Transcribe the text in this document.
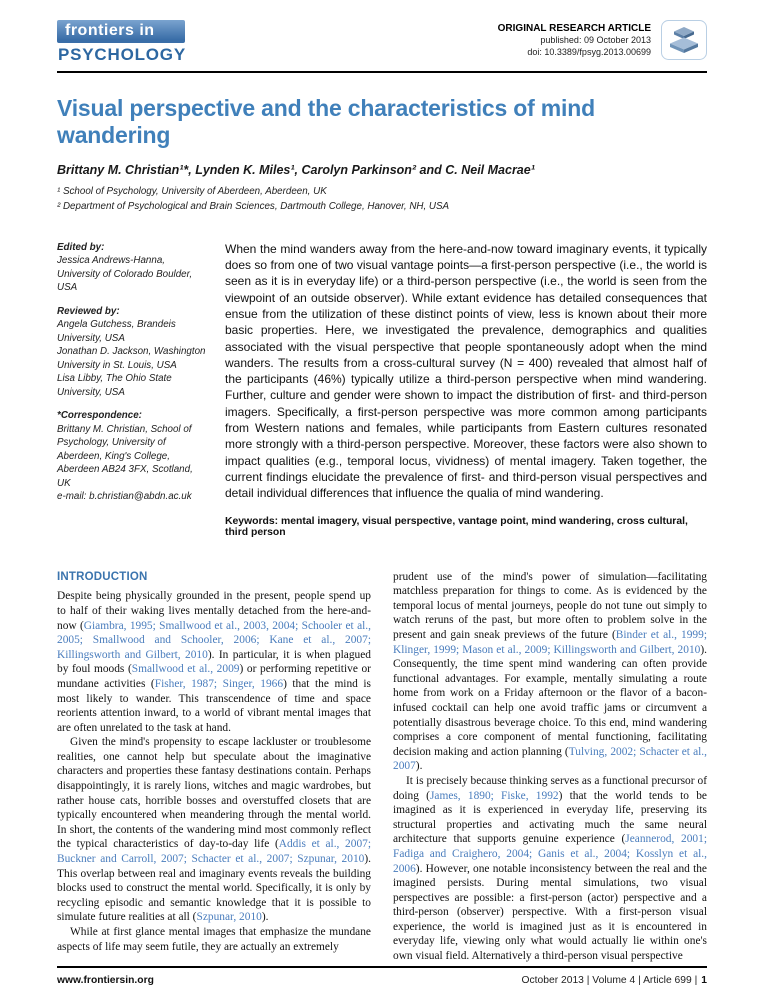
frontiers in
PSYCHOLOGY
ORIGINAL RESEARCH ARTICLE
published: 09 October 2013
doi: 10.3389/fpsyg.2013.00699
Visual perspective and the characteristics of mind wandering
Brittany M. Christian¹*, Lynden K. Miles¹, Carolyn Parkinson² and C. Neil Macrae¹
¹ School of Psychology, University of Aberdeen, Aberdeen, UK
² Department of Psychological and Brain Sciences, Dartmouth College, Hanover, NH, USA
Edited by:
Jessica Andrews-Hanna, University of Colorado Boulder, USA
Reviewed by:
Angela Gutchess, Brandeis University, USA
Jonathan D. Jackson, Washington University in St. Louis, USA
Lisa Libby, The Ohio State University, USA
*Correspondence:
Brittany M. Christian, School of Psychology, University of Aberdeen, King's College, Aberdeen AB24 3FX, Scotland, UK
e-mail: b.christian@abdn.ac.uk

When the mind wanders away from the here-and-now toward imaginary events, it typically does so from one of two visual vantage points—a first-person perspective (i.e., the world is seen as it is in everyday life) or a third-person perspective (i.e., the world is seen from the viewpoint of an outside observer). While extant evidence has detailed consequences that ensue from the utilization of these distinct points of view, less is known about their more basic properties. Here, we investigated the prevalence, demographics and qualities associated with the visual perspective that people spontaneously adopt when the mind wanders. The results from a cross-cultural survey (N = 400) revealed that almost half of the participants (46%) typically utilize a third-person perspective when mind wandering. Further, culture and gender were shown to impact the distribution of first- and third-person imagers. Specifically, a first-person perspective was more common among participants from Western nations and females, while participants from Eastern cultures resonated more strongly with a third-person perspective. Moreover, these factors were also shown to impact qualities (e.g., temporal locus, vividness) of mental imagery. Taken together, the current findings elucidate the prevalence of first- and third-person visual perspectives and detail individual differences that influence the qualia of mind wandering.

Keywords: mental imagery, visual perspective, vantage point, mind wandering, cross cultural, third person

INTRODUCTION

Despite being physically grounded in the present, people spend up to half of their waking lives mentally detached from the here-and-now (Giambra, 1995; Smallwood et al., 2003, 2004; Schooler et al., 2005; Smallwood and Schooler, 2006; Kane et al., 2007; Killingsworth and Gilbert, 2010). In particular, it is when plagued by foul moods (Smallwood et al., 2009) or performing repetitive or mundane activities (Fisher, 1987; Singer, 1966) that the mind is most likely to wander. This transcendence of time and space reorients attention inward, to a world of vibrant mental images that are often unrelated to the task at hand.

Given the mind's propensity to escape lackluster or troublesome realities, one cannot help but speculate about the imaginative characters and properties these fantasy destinations contain. Perhaps disappointingly, it is rarely lions, witches and magic wardrobes, but rather house cats, horrible bosses and overstuffed closets that are typically encountered when meandering through the mental world. In short, the contents of the wandering mind most commonly reflect the typical characteristics of day-to-day life (Addis et al., 2007; Buckner and Carroll, 2007; Schacter et al., 2007; Szpunar, 2010). This overlap between real and imaginary events reveals the building blocks used to construct the mental world. Specifically, it is only by recycling episodic and semantic knowledge that it is possible to simulate future realities at all (Szpunar, 2010).

While at first glance mental images that emphasize the mundane aspects of life may seem futile, they are actually an extremely

prudent use of the mind's power of simulation—facilitating matchless preparation for things to come. As is evidenced by the temporal locus of mental journeys, people do not tune out simply to watch reruns of the past, but more often to problem solve in the present and gain sneak previews of the future (Binder et al., 1999; Klinger, 1999; Mason et al., 2009; Killingsworth and Gilbert, 2010). Consequently, the time spent mind wandering can often provide functional advantages. For example, mentally simulating a route home from work on a Friday afternoon or the flavor of a bacon-infused cocktail can help one avoid traffic jams or circumvent a potentially disastrous beverage choice. To this end, mind wandering comprises a core component of mental functioning, facilitating decision making and action planning (Tulving, 2002; Schacter et al., 2007).

It is precisely because thinking serves as a functional precursor of doing (James, 1890; Fiske, 1992) that the world tends to be imagined as it is experienced in everyday life, preserving its structural properties and activating much the same neural architecture that supports genuine experience (Jeannerod, 2001; Fadiga and Craighero, 2004; Ganis et al., 2004; Kosslyn et al., 2006). However, one notable inconsistency between the real and the imagined persists. During mental simulations, two visual perspectives are possible: a first-person (actor) perspective and a third-person (observer) perspective. With a first-person visual experience, the world is imagined just as it is encountered in everyday life, viewing only what would actually lie within one's own visual field. Alternatively a third-person visual perspective

www.frontiersin.org	October 2013 | Volume 4 | Article 699 | 1
